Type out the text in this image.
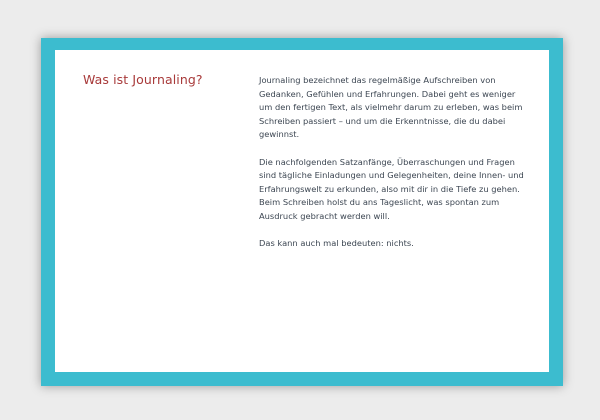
Was ist Journaling?	Journaling bezeichnet das regelmäßige Aufschreiben von Gedanken, Gefühlen und Erfahrungen. Dabei geht es weniger um den fertigen Text, als vielmehr darum zu erleben, was beim Schreiben passiert – und um die Erkenntnisse, die du dabei gewinnst.

Die nachfolgenden Satzanfänge, Überraschungen und Fragen sind tägliche Einladungen und Gelegenheiten, deine Innen- und Erfahrungswelt zu erkunden, also mit dir in die Tiefe zu gehen. Beim Schreiben holst du ans Tageslicht, was spontan zum Ausdruck gebracht werden will.

Das kann auch mal bedeuten: nichts.
